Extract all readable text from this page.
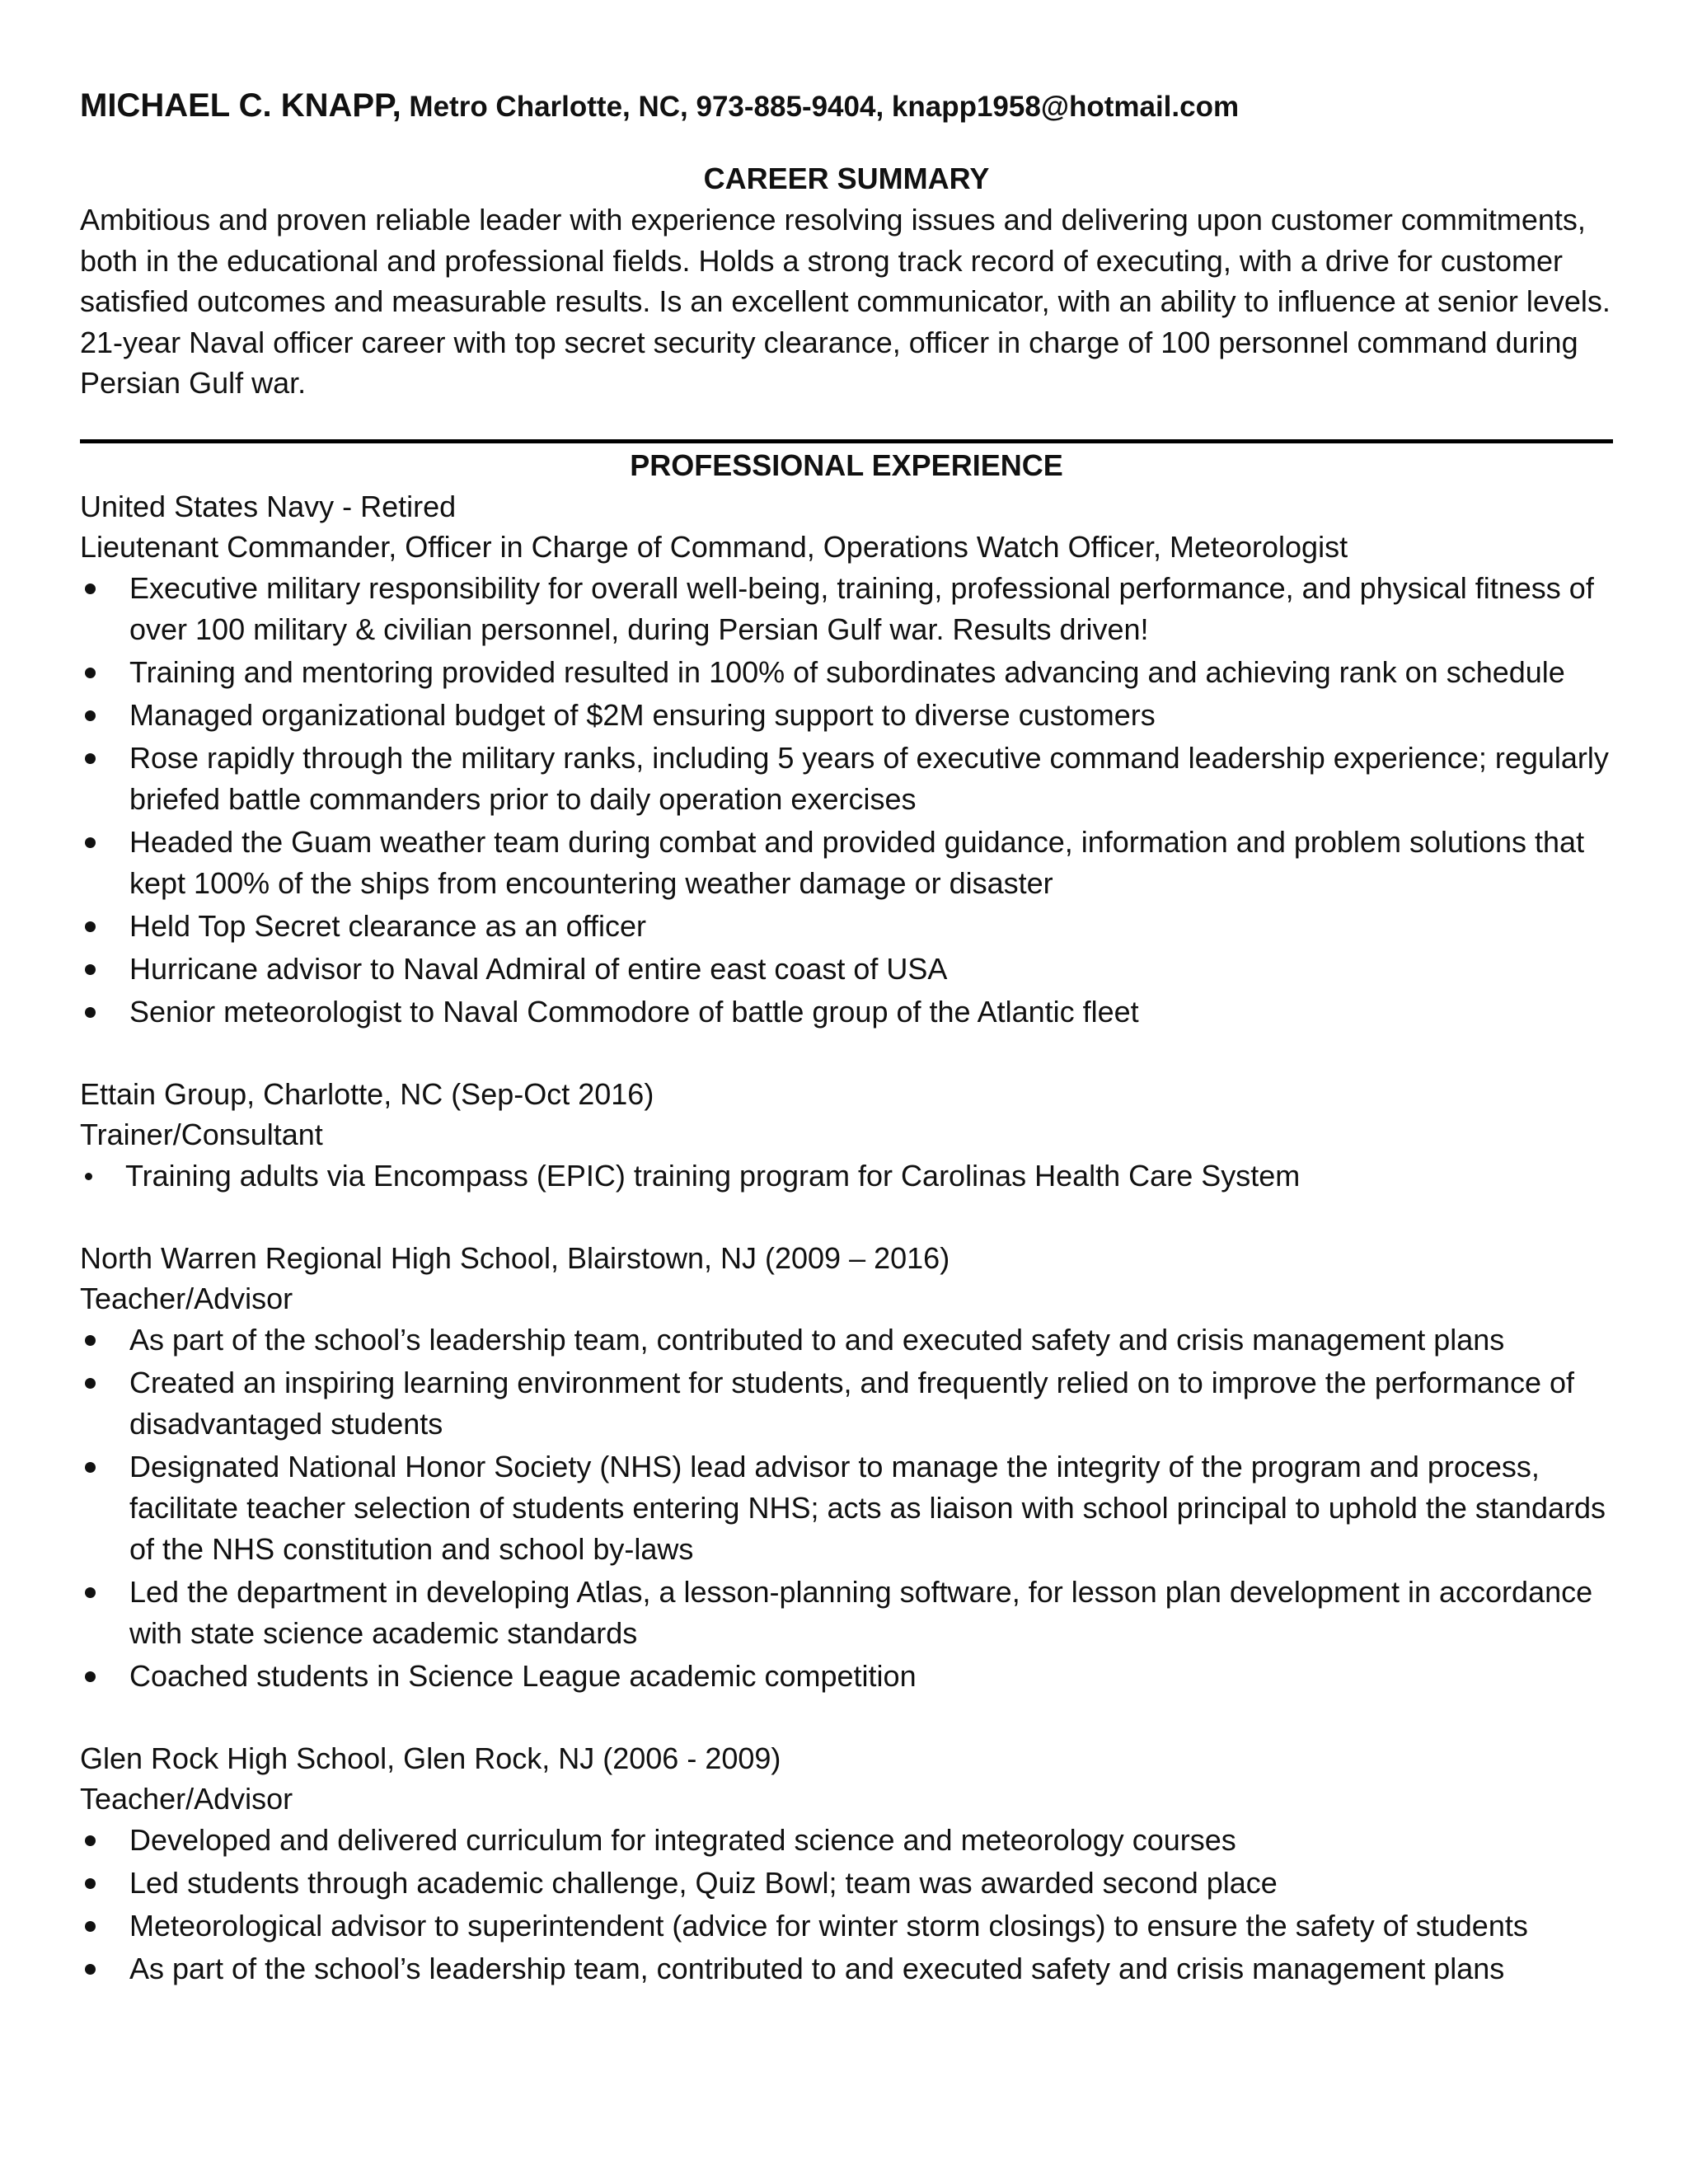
MICHAEL C. KNAPP, Metro Charlotte, NC, 973-885-9404, knapp1958@hotmail.com
CAREER SUMMARY

Ambitious and proven reliable leader with experience resolving issues and delivering upon customer commitments, both in the educational and professional fields. Holds a strong track record of executing, with a drive for customer satisfied outcomes and measurable results. Is an excellent communicator, with an ability to influence at senior levels. 21-year Naval officer career with top secret security clearance, officer in charge of 100 personnel command during Persian Gulf war.

PROFESSIONAL EXPERIENCE
United States Navy - Retired
Lieutenant Commander, Officer in Charge of Command, Operations Watch Officer, Meteorologist
Executive military responsibility for overall well-being, training, professional performance, and physical fitness of over 100 military & civilian personnel, during Persian Gulf war. Results driven!
Training and mentoring provided resulted in 100% of subordinates advancing and achieving rank on schedule
Managed organizational budget of $2M ensuring support to diverse customers
Rose rapidly through the military ranks, including 5 years of executive command leadership experience; regularly briefed battle commanders prior to daily operation exercises
Headed the Guam weather team during combat and provided guidance, information and problem solutions that kept 100% of the ships from encountering weather damage or disaster
Held Top Secret clearance as an officer
Hurricane advisor to Naval Admiral of entire east coast of USA
Senior meteorologist to Naval Commodore of battle group of the Atlantic fleet
Ettain Group, Charlotte, NC (Sep-Oct 2016)
Trainer/Consultant
Training adults via Encompass (EPIC) training program for Carolinas Health Care System
North Warren Regional High School, Blairstown, NJ (2009 – 2016)
Teacher/Advisor
As part of the school’s leadership team, contributed to and executed safety and crisis management plans
Created an inspiring learning environment for students, and frequently relied on to improve the performance of disadvantaged students
Designated National Honor Society (NHS) lead advisor to manage the integrity of the program and process, facilitate teacher selection of students entering NHS; acts as liaison with school principal to uphold the standards of the NHS constitution and school by-laws
Led the department in developing Atlas, a lesson-planning software, for lesson plan development in accordance with state science academic standards
Coached students in Science League academic competition
Glen Rock High School, Glen Rock, NJ (2006 - 2009)
Teacher/Advisor
Developed and delivered curriculum for integrated science and meteorology courses
Led students through academic challenge, Quiz Bowl; team was awarded second place
Meteorological advisor to superintendent (advice for winter storm closings) to ensure the safety of students
As part of the school’s leadership team, contributed to and executed safety and crisis management plans
